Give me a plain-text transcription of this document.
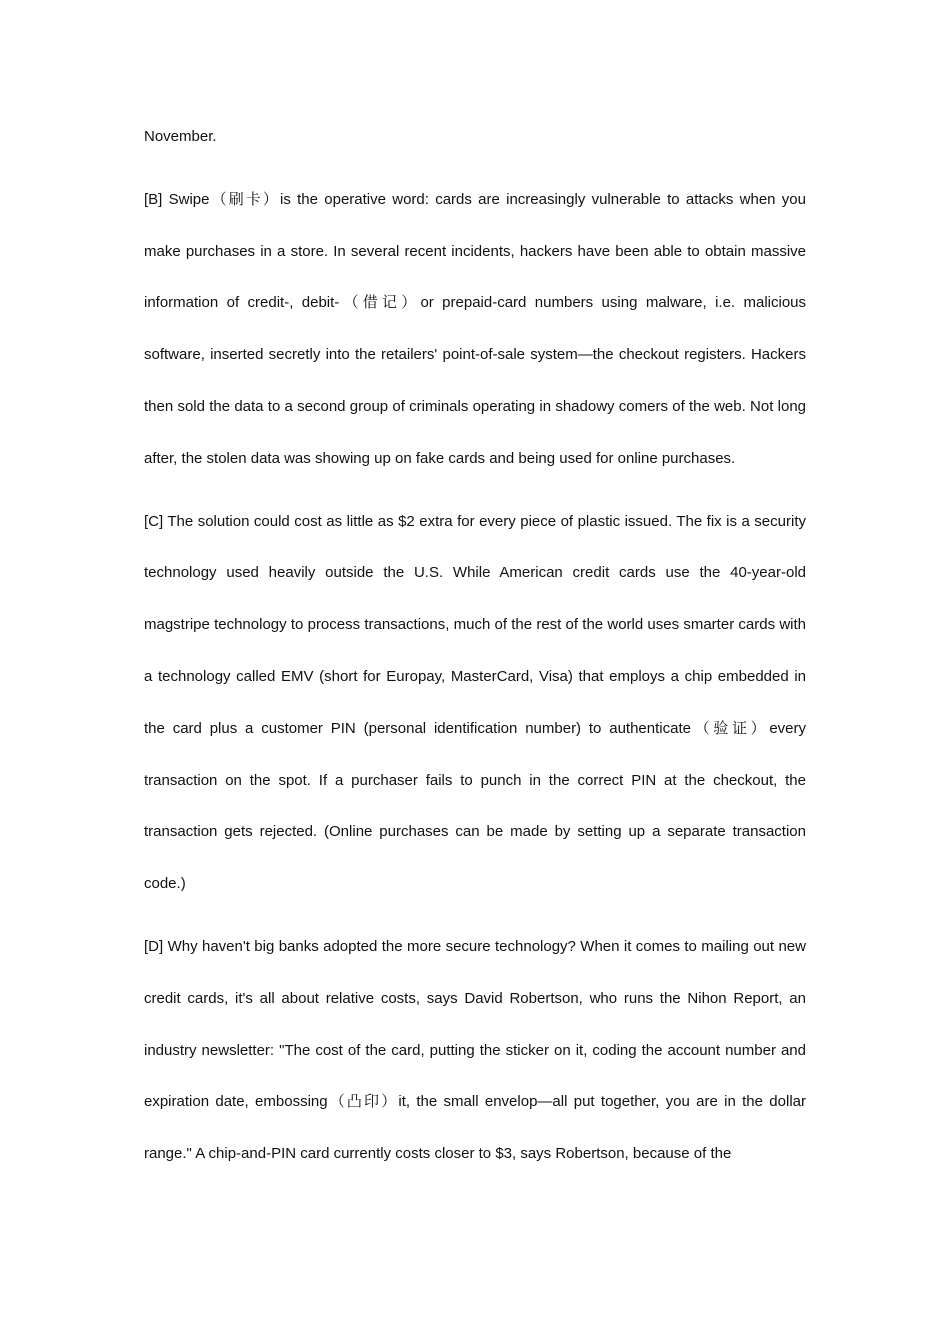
November.

[B] Swipe（刷卡）is the operative word: cards are increasingly vulnerable to attacks when you make purchases in a store. In several recent incidents, hackers have been able to obtain massive information of credit-, debit-（借记）or prepaid-card numbers using malware, i.e. malicious software, inserted secretly into the retailers' point-of-sale system—the checkout registers. Hackers then sold the data to a second group of criminals operating in shadowy comers of the web. Not long after, the stolen data was showing up on fake cards and being used for online purchases.

[C] The solution could cost as little as $2 extra for every piece of plastic issued. The fix is a security technology used heavily outside the U.S. While American credit cards use the 40-year-old magstripe technology to process transactions, much of the rest of the world uses smarter cards with a technology called EMV (short for Europay, MasterCard, Visa) that employs a chip embedded in the card plus a customer PIN (personal identification number) to authenticate（验证）every transaction on the spot. If a purchaser fails to punch in the correct PIN at the checkout, the transaction gets rejected. (Online purchases can be made by setting up a separate transaction code.)

[D] Why haven't big banks adopted the more secure technology? When it comes to mailing out new credit cards, it's all about relative costs, says David Robertson, who runs the Nihon Report, an industry newsletter: "The cost of the card, putting the sticker on it, coding the account number and expiration date, embossing（凸印）it, the small envelop—all put together, you are in the dollar range." A chip-and-PIN card currently costs closer to $3, says Robertson, because of the
